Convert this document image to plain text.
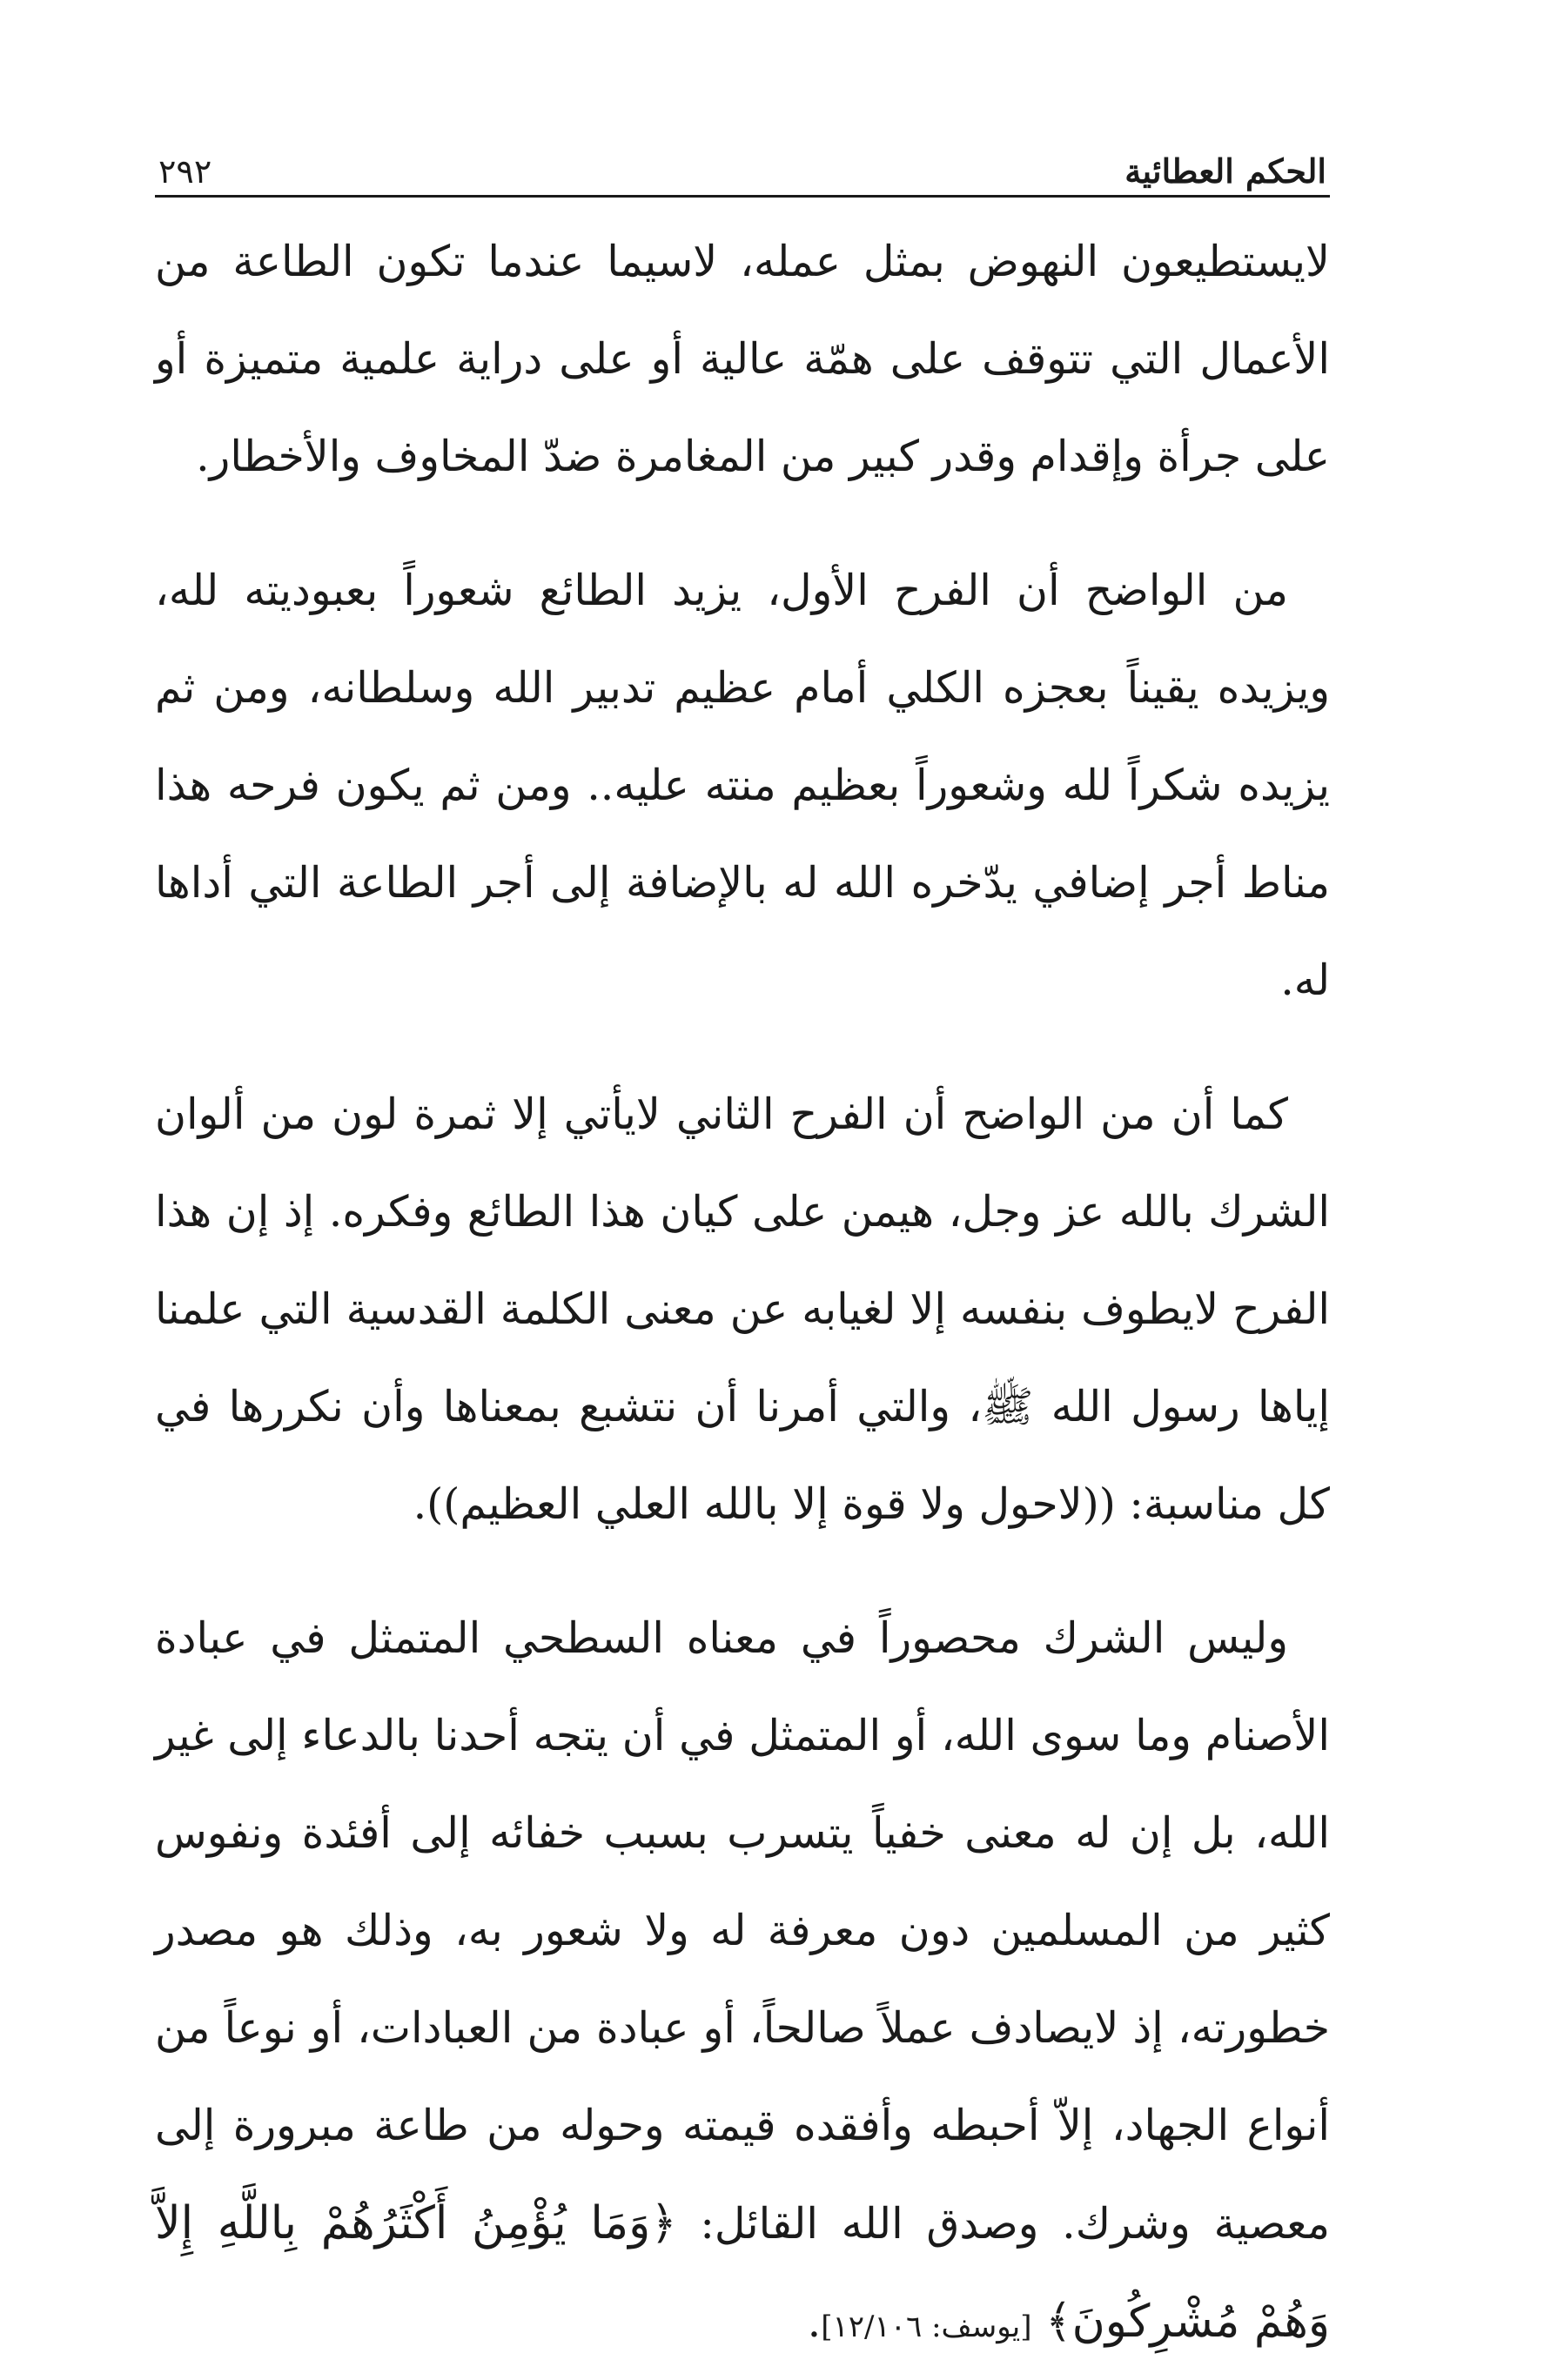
الحكم العطائية
٢٩٢

لايستطيعون النهوض بمثل عمله، لاسيما عندما تكون الطاعة من الأعمال التي تتوقف على همّة عالية أو على دراية علمية متميزة أو على جرأة وإقدام وقدر كبير من المغامرة ضدّ المخاوف والأخطار.

من الواضح أن الفرح الأول، يزيد الطائع شعوراً بعبوديته لله، ويزيده يقيناً بعجزه الكلي أمام عظيم تدبير الله وسلطانه، ومن ثم يزيده شكراً لله وشعوراً بعظيم منته عليه.. ومن ثم يكون فرحه هذا مناط أجر إضافي يدّخره الله له بالإضافة إلى أجر الطاعة التي أداها له.

كما أن من الواضح أن الفرح الثاني لايأتي إلا ثمرة لون من ألوان الشرك بالله عز وجل، هيمن على كيان هذا الطائع وفكره. إذ إن هذا الفرح لايطوف بنفسه إلا لغيابه عن معنى الكلمة القدسية التي علمنا إياها رسول الله ﷺ، والتي أمرنا أن نتشبع بمعناها وأن نكررها في كل مناسبة: ((لاحول ولا قوة إلا بالله العلي العظيم)).

وليس الشرك محصوراً في معناه السطحي المتمثل في عبادة الأصنام وما سوى الله، أو المتمثل في أن يتجه أحدنا بالدعاء إلى غير الله، بل إن له معنى خفياً يتسرب بسبب خفائه إلى أفئدة ونفوس كثير من المسلمين دون معرفة له ولا شعور به، وذلك هو مصدر خطورته، إذ لايصادف عملاً صالحاً، أو عبادة من العبادات، أو نوعاً من أنواع الجهاد، إلاّ أحبطه وأفقده قيمته وحوله من طاعة مبرورة إلى معصية وشرك. وصدق الله القائل: ﴿وَمَا يُؤْمِنُ أَكْثَرُهُمْ بِاللَّهِ إِلاَّ وَهُمْ مُشْرِكُونَ﴾ [يوسف: ١٢/١٠٦].
